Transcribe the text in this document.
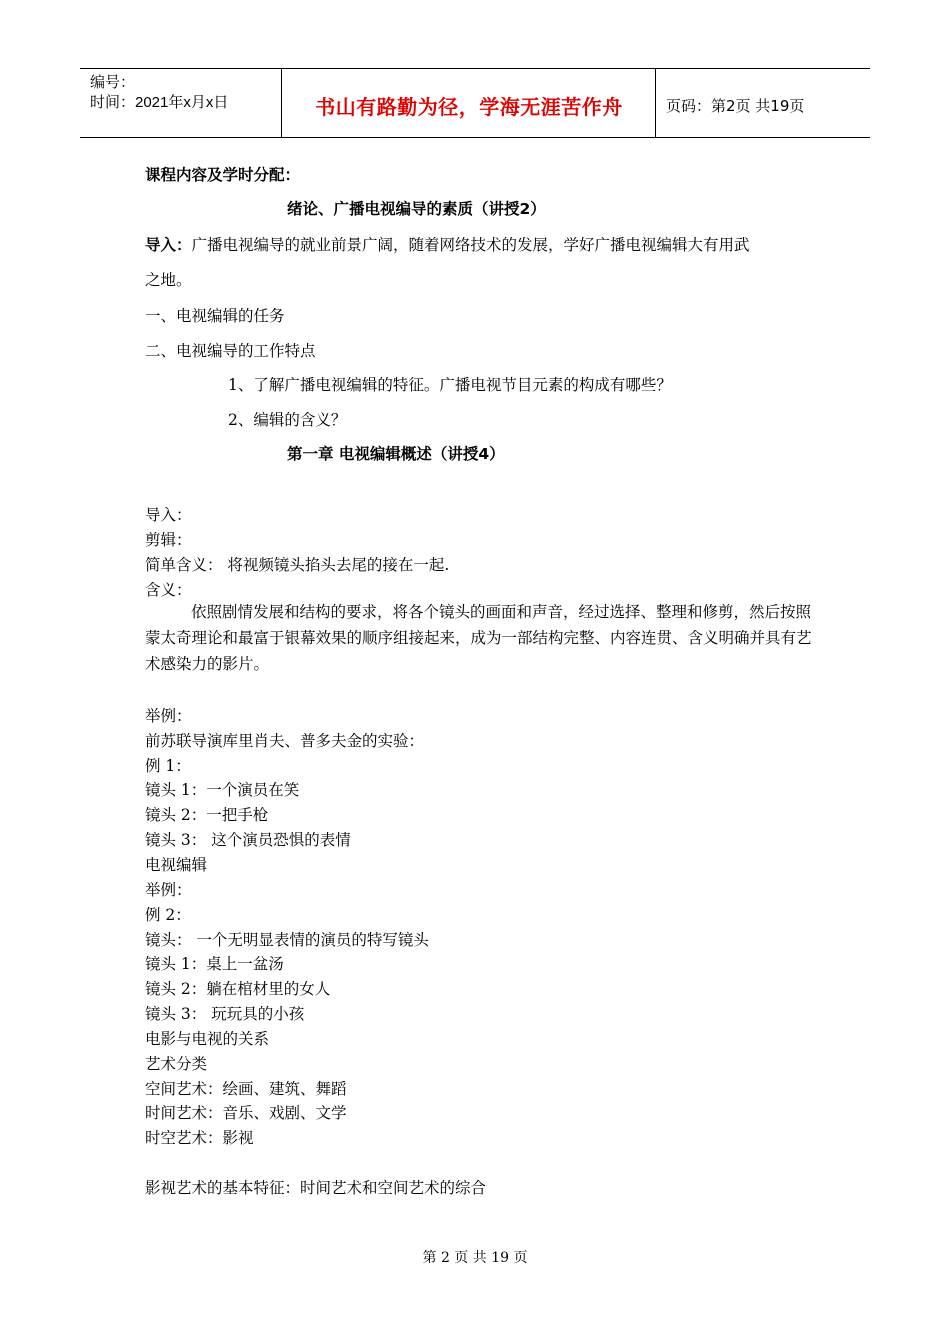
编号：
时间：2021年x月x日	书山有路勤为径，学海无涯苦作舟	页码：第2页 共19页
课程内容及学时分配：
绪论、广播电视编导的素质（讲授2）
导入：广播电视编导的就业前景广阔，随着网络技术的发展，学好广播电视编辑大有用武
之地。
一、电视编辑的任务
二、电视编导的工作特点
1、了解广播电视编辑的特征。广播电视节目元素的构成有哪些？
2、编辑的含义？
第一章 电视编辑概述（讲授4）
导入：
剪辑：
简单含义： 将视频镜头掐头去尾的接在一起.
含义：
依照剧情发展和结构的要求，将各个镜头的画面和声音，经过选择、整理和修剪，然后按照蒙太奇理论和最富于银幕效果的顺序组接起来，成为一部结构完整、内容连贯、含义明确并具有艺术感染力的影片。
举例：
前苏联导演库里肖夫、普多夫金的实验：
例 1：
镜头 1：一个演员在笑
镜头 2：一把手枪
镜头 3： 这个演员恐惧的表情
电视编辑
举例：
例 2：
镜头： 一个无明显表情的演员的特写镜头
镜头 1：桌上一盆汤
镜头 2：躺在棺材里的女人
镜头 3： 玩玩具的小孩
电影与电视的关系
艺术分类
空间艺术：绘画、建筑、舞蹈
时间艺术：音乐、戏剧、文学
时空艺术：影视
影视艺术的基本特征：时间艺术和空间艺术的综合
第 2 页 共 19 页
